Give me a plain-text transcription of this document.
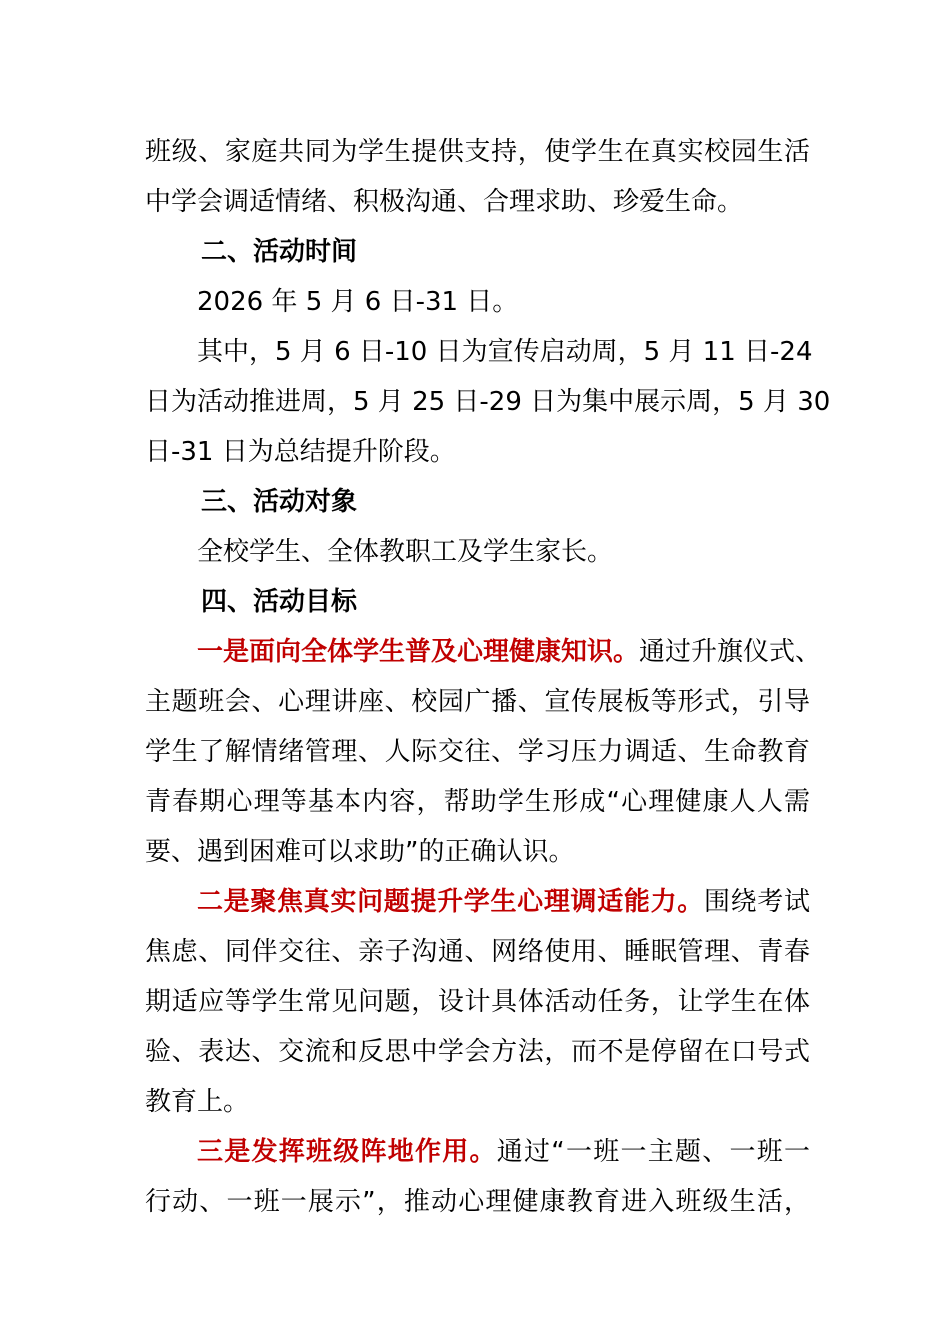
班级、家庭共同为学生提供支持，使学生在真实校园生活
中学会调适情绪、积极沟通、合理求助、珍爱生命。
二、活动时间
2026 年 5 月 6 日-31 日。
其中，5 月 6 日-10 日为宣传启动周，5 月 11 日-24
日为活动推进周，5 月 25 日-29 日为集中展示周，5 月 30
日-31 日为总结提升阶段。
三、活动对象
全校学生、全体教职工及学生家长。
四、活动目标
一是面向全体学生普及心理健康知识。通过升旗仪式、
主题班会、心理讲座、校园广播、宣传展板等形式，引导
学生了解情绪管理、人际交往、学习压力调适、生命教育
青春期心理等基本内容，帮助学生形成“心理健康人人需
要、遇到困难可以求助”的正确认识。
二是聚焦真实问题提升学生心理调适能力。围绕考试
焦虑、同伴交往、亲子沟通、网络使用、睡眠管理、青春
期适应等学生常见问题，设计具体活动任务，让学生在体
验、表达、交流和反思中学会方法，而不是停留在口号式
教育上。
三是发挥班级阵地作用。通过“一班一主题、一班一
行动、一班一展示”，推动心理健康教育进入班级生活，
